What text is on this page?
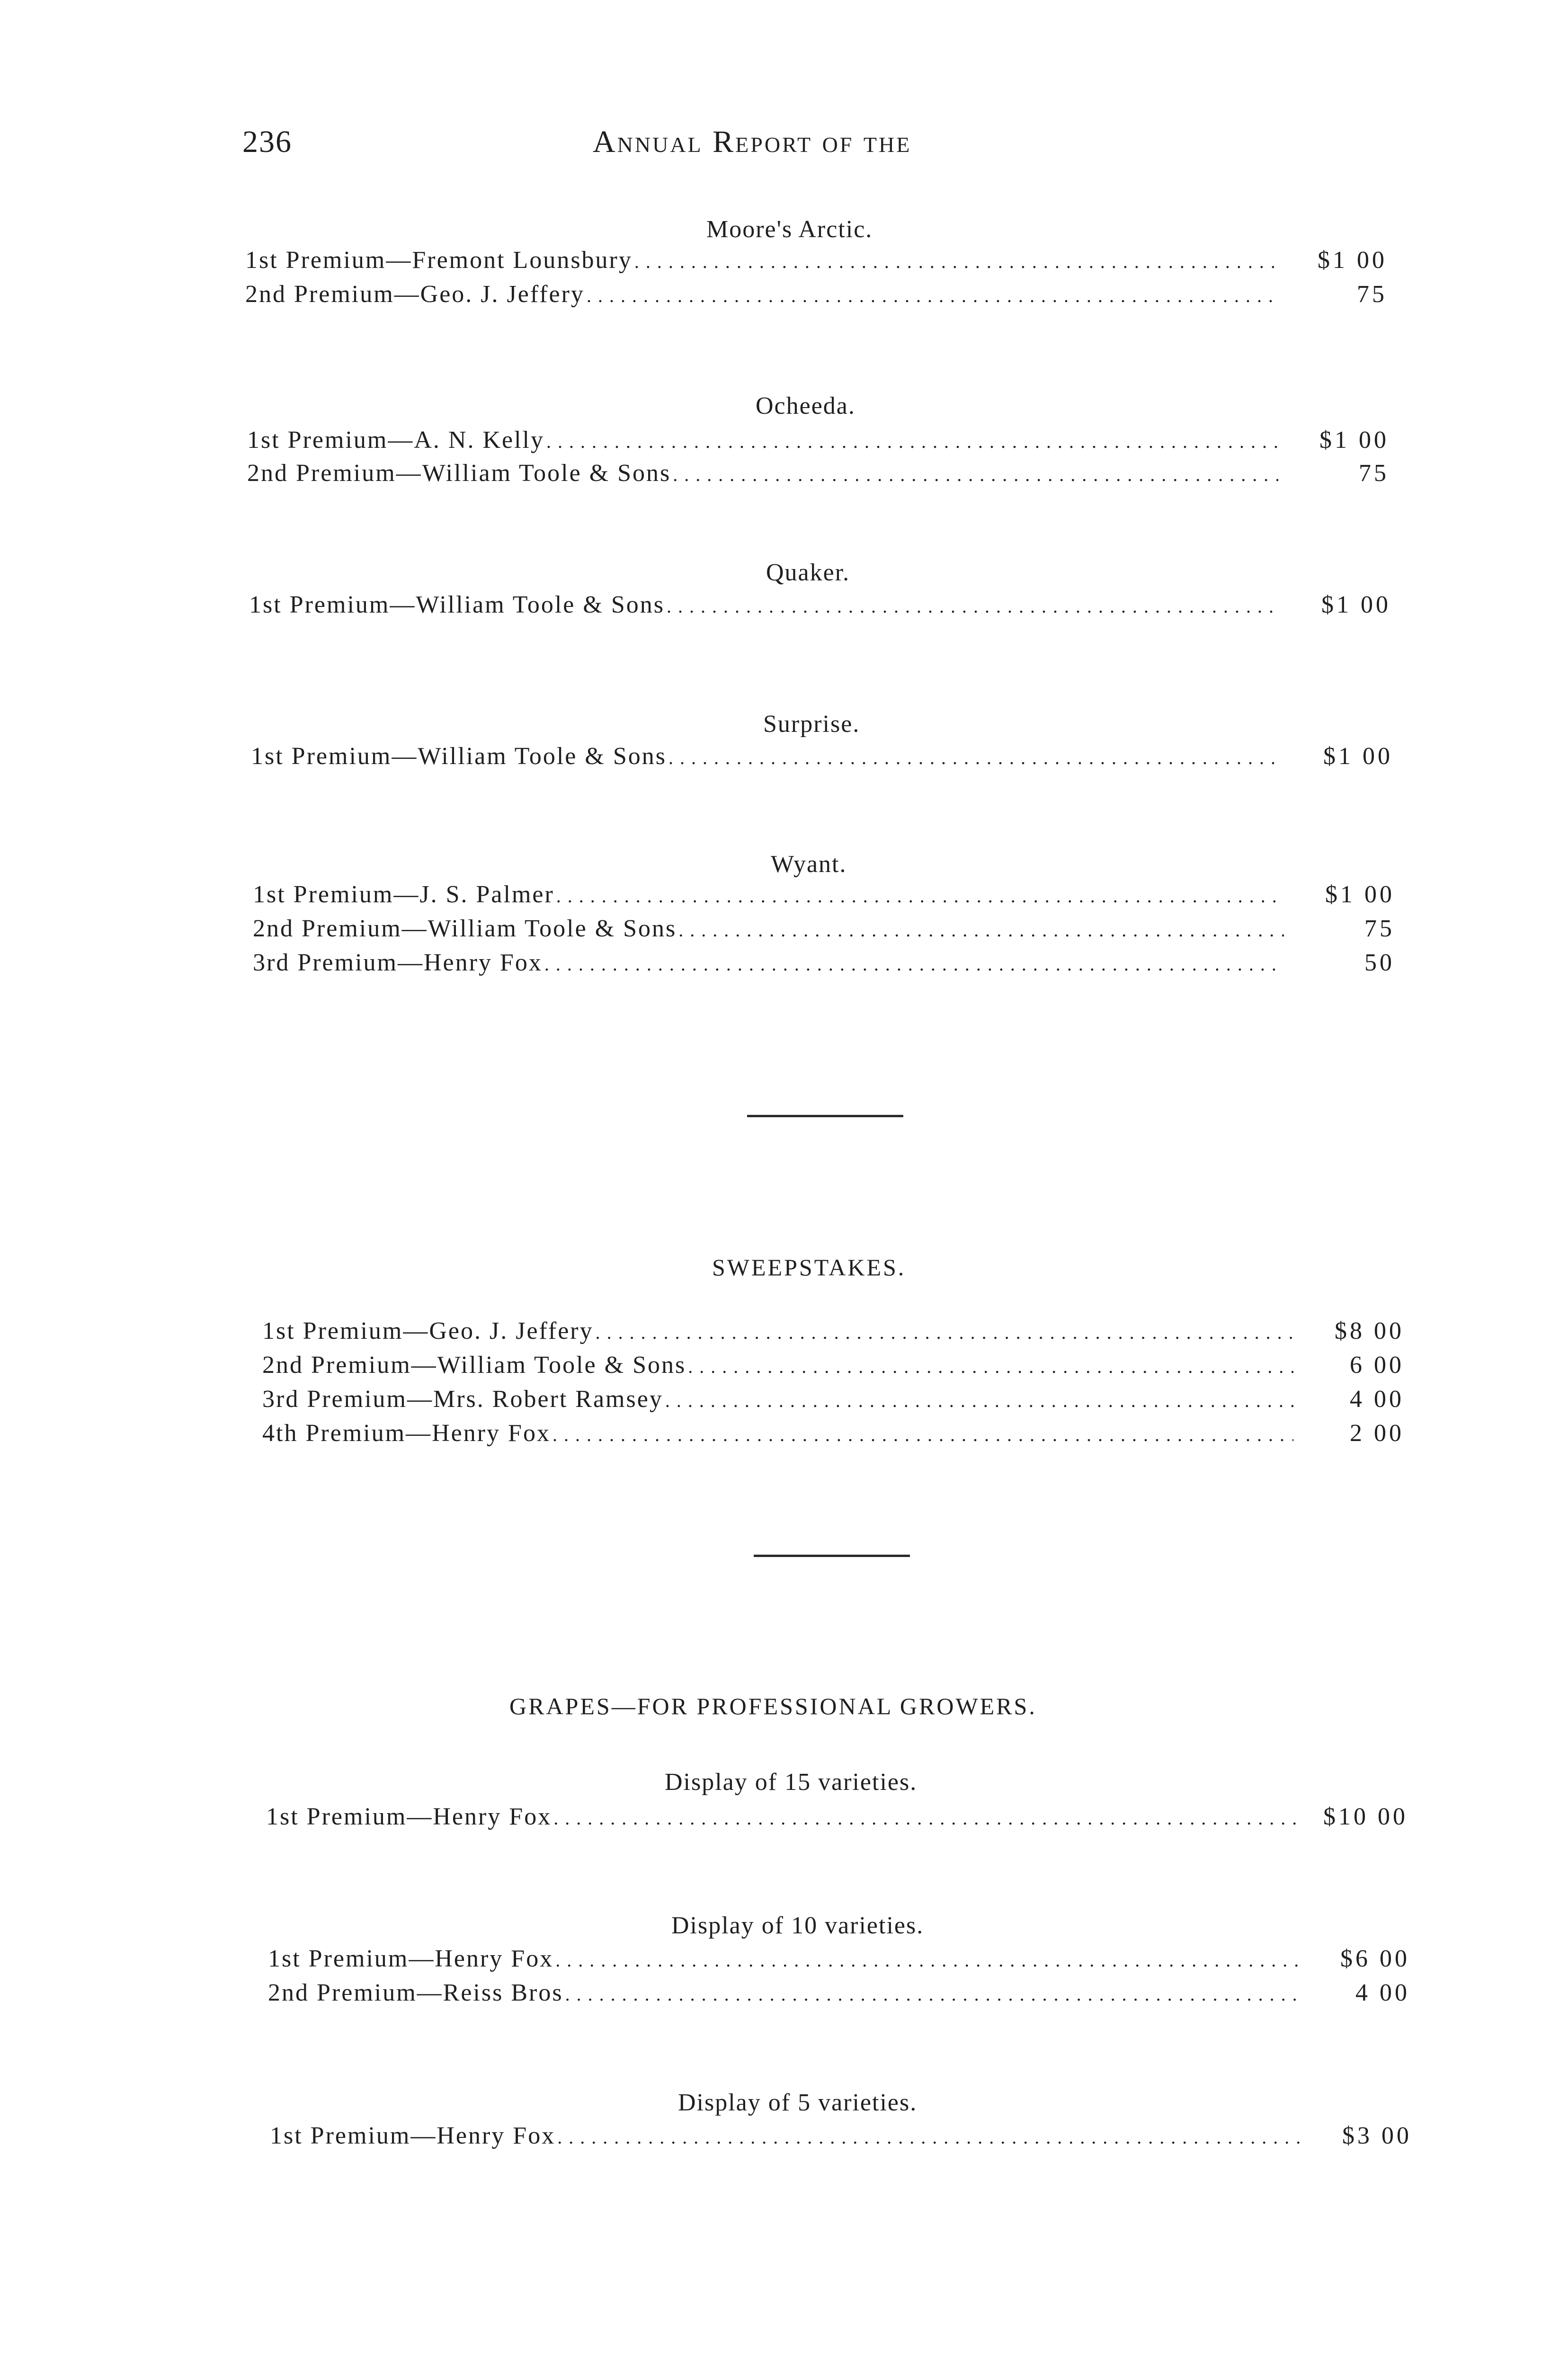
236	Annual Report of the
Moore's Arctic.
1st Premium—Fremont Lounsbury .....	$1 00
2nd Premium—Geo. J. Jeffery .....	75
Ocheeda.
1st Premium—A. N. Kelly .....	$1 00
2nd Premium—William Toole & Sons .....	75
Quaker.
1st Premium—William Toole & Sons .....	$1 00
Surprise.
1st Premium—William Toole & Sons .....	$1 00
Wyant.
1st Premium—J. S. Palmer .....	$1 00
2nd Premium—William Toole & Sons .....	75
3rd Premium—Henry Fox .....	50
SWEEPSTAKES.
1st Premium—Geo. J. Jeffery .....	$8 00
2nd Premium—William Toole & Sons .....	6 00
3rd Premium—Mrs. Robert Ramsey .....	4 00
4th Premium—Henry Fox .....	2 00
GRAPES—FOR PROFESSIONAL GROWERS.
Display of 15 varieties.
1st Premium—Henry Fox .....	$10 00
Display of 10 varieties.
1st Premium—Henry Fox .....	$6 00
2nd Premium—Reiss Bros .....	4 00
Display of 5 varieties.
1st Premium—Henry Fox .....	$3 00
